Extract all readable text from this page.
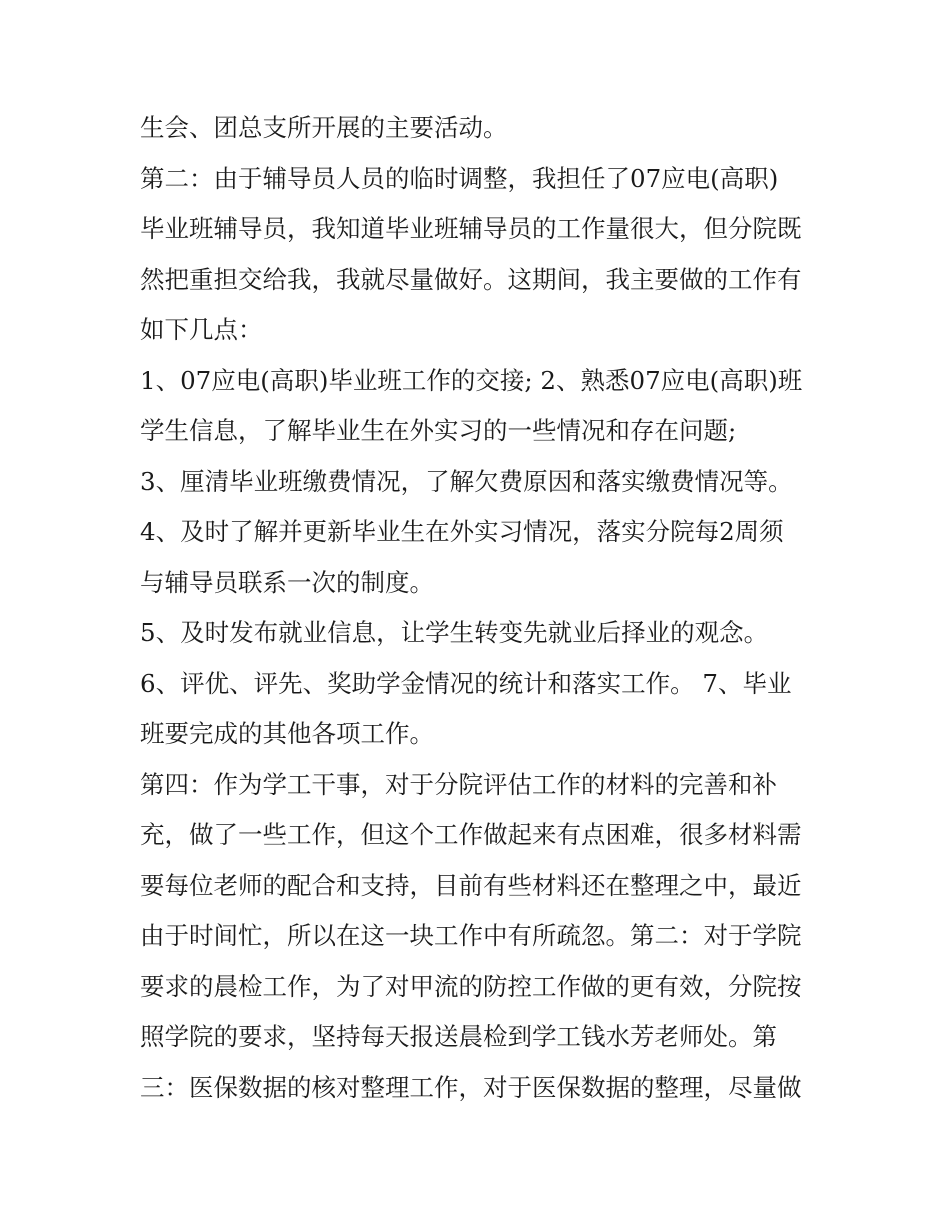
生会、团总支所开展的主要活动。
第二：由于辅导员人员的临时调整，我担任了07应电(高职)
毕业班辅导员，我知道毕业班辅导员的工作量很大，但分院既
然把重担交给我，我就尽量做好。这期间，我主要做的工作有
如下几点：
1、07应电(高职)毕业班工作的交接; 2、熟悉07应电(高职)班
学生信息，了解毕业生在外实习的一些情况和存在问题;
3、厘清毕业班缴费情况，了解欠费原因和落实缴费情况等。
4、及时了解并更新毕业生在外实习情况，落实分院每2周须
与辅导员联系一次的制度。
5、及时发布就业信息，让学生转变先就业后择业的观念。
6、评优、评先、奖助学金情况的统计和落实工作。 7、毕业
班要完成的其他各项工作。
第四：作为学工干事，对于分院评估工作的材料的完善和补
充，做了一些工作，但这个工作做起来有点困难，很多材料需
要每位老师的配合和支持，目前有些材料还在整理之中，最近
由于时间忙，所以在这一块工作中有所疏忽。第二：对于学院
要求的晨检工作，为了对甲流的防控工作做的更有效，分院按
照学院的要求，坚持每天报送晨检到学工钱水芳老师处。第
三：医保数据的核对整理工作，对于医保数据的整理，尽量做
